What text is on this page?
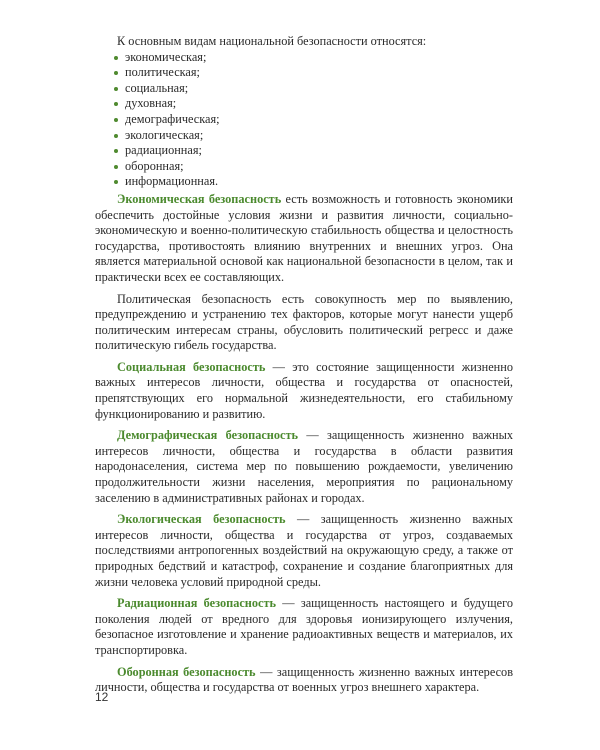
К основным видам национальной безопасности относятся:

экономическая;
политическая;
социальная;
духовная;
демографическая;
экологическая;
радиационная;
оборонная;
информационная.

Экономическая безопасность есть возможность и готовность экономики обеспечить достойные условия жизни и развития личности, социально-экономическую и военно-политическую стабильность общества и целостность государства, противостоять влиянию внутренних и внешних угроз. Она является материальной основой как национальной безопасности в целом, так и практически всех ее составляющих.

Политическая безопасность есть совокупность мер по выявлению, предупреждению и устранению тех факторов, которые могут нанести ущерб политическим интересам страны, обусловить политический регресс и даже политическую гибель государства.

Социальная безопасность — это состояние защищенности жизненно важных интересов личности, общества и государства от опасностей, препятствующих его нормальной жизнедеятельности, его стабильному функционированию и развитию.

Демографическая безопасность — защищенность жизненно важных интересов личности, общества и государства в области развития народонаселения, система мер по повышению рождаемости, увеличению продолжительности жизни населения, мероприятия по рациональному заселению в административных районах и городах.

Экологическая безопасность — защищенность жизненно важных интересов личности, общества и государства от угроз, создаваемых последствиями антропогенных воздействий на окружающую среду, а также от природных бедствий и катастроф, сохранение и создание благоприятных для жизни человека условий природной среды.

Радиационная безопасность — защищенность настоящего и будущего поколения людей от вредного для здоровья ионизирующего излучения, безопасное изготовление и хранение радиоактивных веществ и материалов, их транспортировка.

Оборонная безопасность — защищенность жизненно важных интересов личности, общества и государства от военных угроз внешнего характера.

12
